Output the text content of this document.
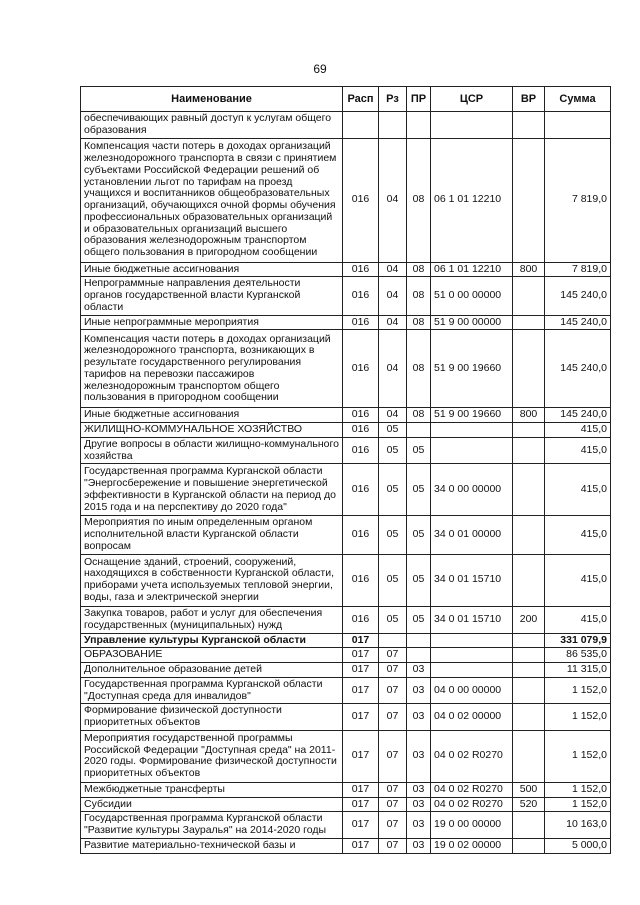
69
Наименование	Расп	Рз	ПР	ЦСР	ВР	Сумма
обеспечивающих равный доступ к услугам общего образования						
Компенсация части потерь в доходах организаций железнодорожного транспорта в связи с принятием субъектами Российской Федерации решений об установлении льгот по тарифам на проезд учащихся и воспитанников общеобразовательных организаций, обучающихся очной формы обучения профессиональных образовательных организаций и образовательных организаций высшего образования железнодорожным транспортом общего пользования в пригородном сообщении	016	04	08	06 1 01 12210		7 819,0
Иные бюджетные ассигнования	016	04	08	06 1 01 12210	800	7 819,0
Непрограммные направления деятельности органов государственной власти Курганской области	016	04	08	51 0 00 00000		145 240,0
Иные непрограммные мероприятия	016	04	08	51 9 00 00000		145 240,0
Компенсация части потерь в доходах организаций железнодорожного транспорта, возникающих в результате государственного регулирования тарифов на перевозки пассажиров железнодорожным транспортом общего пользования в пригородном сообщении	016	04	08	51 9 00 19660		145 240,0
Иные бюджетные ассигнования	016	04	08	51 9 00 19660	800	145 240,0
ЖИЛИЩНО-КОММУНАЛЬНОЕ ХОЗЯЙСТВО	016	05				415,0
Другие вопросы в области жилищно-коммунального хозяйства	016	05	05			415,0
Государственная программа Курганской области "Энергосбережение и повышение энергетической эффективности в Курганской области на период до 2015 года и на перспективу до 2020 года"	016	05	05	34 0 00 00000		415,0
Мероприятия по иным определенным органом исполнительной власти Курганской области вопросам	016	05	05	34 0 01 00000		415,0
Оснащение зданий, строений, сооружений, находящихся в собственности Курганской области, приборами учета используемых тепловой энергии, воды, газа и электрической энергии	016	05	05	34 0 01 15710		415,0
Закупка товаров, работ и услуг для обеспечения государственных (муниципальных) нужд	016	05	05	34 0 01 15710	200	415,0
Управление культуры Курганской области	017					331 079,9
ОБРАЗОВАНИЕ	017	07				86 535,0
Дополнительное образование детей	017	07	03			11 315,0
Государственная программа Курганской области "Доступная среда для инвалидов"	017	07	03	04 0 00 00000		1 152,0
Формирование физической доступности приоритетных объектов	017	07	03	04 0 02 00000		1 152,0
Мероприятия государственной программы Российской Федерации "Доступная среда" на 2011-2020 годы. Формирование физической доступности приоритетных объектов	017	07	03	04 0 02 R0270		1 152,0
Межбюджетные трансферты	017	07	03	04 0 02 R0270	500	1 152,0
Субсидии	017	07	03	04 0 02 R0270	520	1 152,0
Государственная программа Курганской области "Развитие культуры Зауралья" на 2014-2020 годы	017	07	03	19 0 00 00000		10 163,0
Развитие материально-технической базы и	017	07	03	19 0 02 00000		5 000,0
